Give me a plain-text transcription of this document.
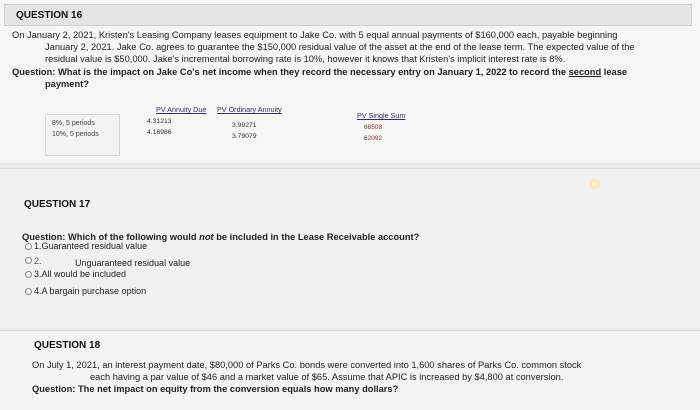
QUESTION 16
On January 2, 2021, Kristen's Leasing Company leases equipment to Jake Co. with 5 equal annual payments of $160,000 each, payable beginning
January 2, 2021. Jake Co. agrees to guarantee the $150,000 residual value of the asset at the end of the lease term. The expected value of the
residual value is $50,000. Jake's incremental borrowing rate is 10%, however it knows that Kristen's implicit interest rate is 8%.
Question: What is the impact on Jake Co's net income when they record the necessary entry on January 1, 2022 to record the second lease
payment?
8%, 5 periods
10%, 5 periods
PV Annuity Due PV Ordinary Annuity
PV Single Sum
4.31213
4.16986
3.99271
3.79079
68508
62092
QUESTION 17
Question: Which of the following would not be included in the Lease Receivable account?
1.Guaranteed residual value
2.	Unguaranteed residual value
3.All would be included
4.A bargain purchase option
QUESTION 18
On July 1, 2021, an interest payment date, $80,000 of Parks Co. bonds were converted into 1,600 shares of Parks Co. common stock
each having a par value of $46 and a market value of $65. Assume that APIC is increased by $4,800 at conversion.
Question: The net impact on equity from the conversion equals how many dollars?
